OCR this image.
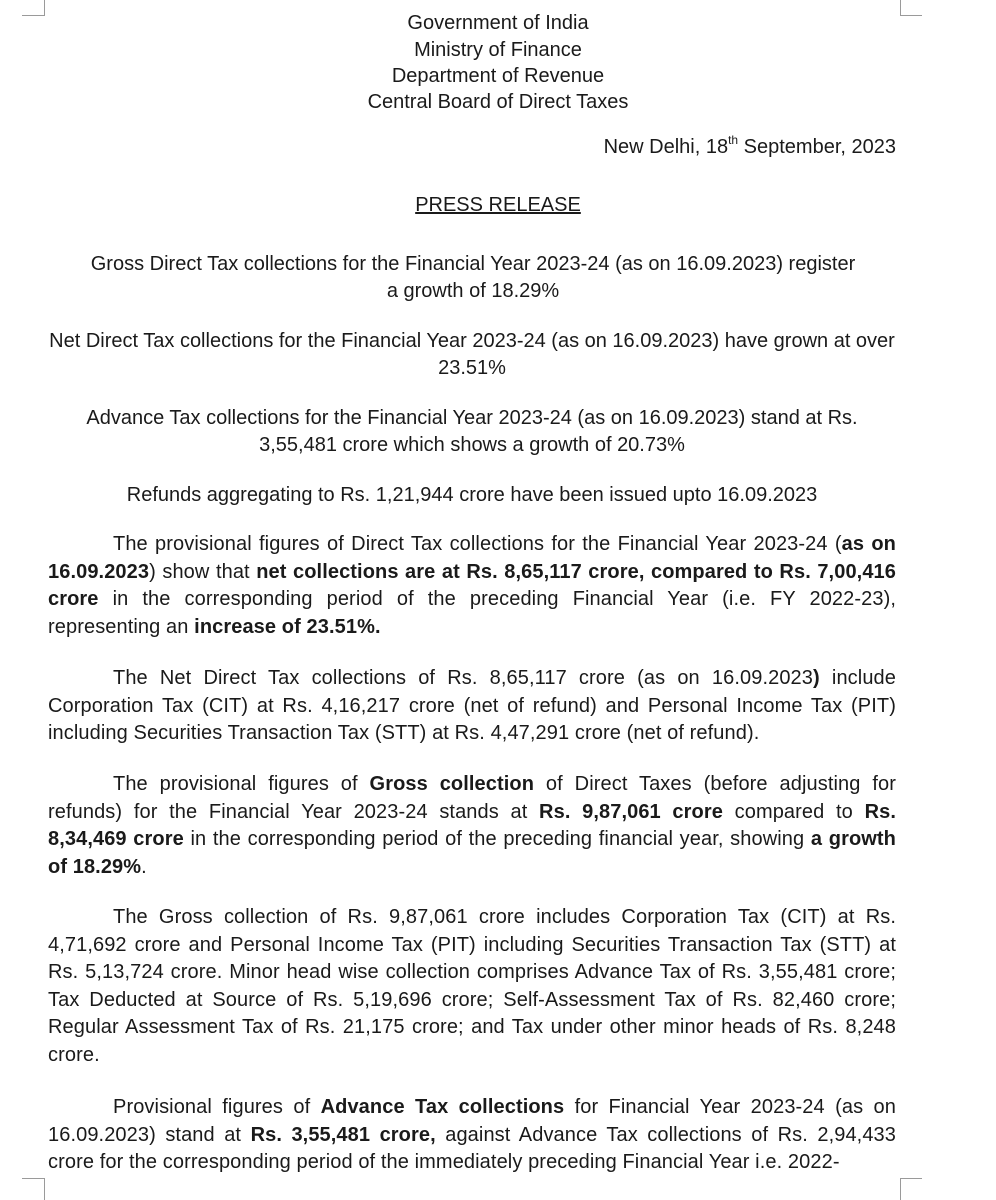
Government of India
Ministry of Finance
Department of Revenue
Central Board of Direct Taxes
New Delhi, 18th September, 2023
PRESS RELEASE
Gross Direct Tax collections for the Financial Year 2023-24 (as on 16.09.2023) register a growth of 18.29%
Net Direct Tax collections for the Financial Year 2023-24 (as on 16.09.2023) have grown at over 23.51%
Advance Tax collections for the Financial Year 2023-24 (as on 16.09.2023) stand at Rs. 3,55,481 crore which shows a growth of 20.73%
Refunds aggregating to Rs. 1,21,944 crore have been issued upto 16.09.2023

The provisional figures of Direct Tax collections for the Financial Year 2023-24 (as on 16.09.2023) show that net collections are at Rs. 8,65,117 crore, compared to Rs. 7,00,416 crore in the corresponding period of the preceding Financial Year (i.e. FY 2022-23), representing an increase of 23.51%.

The Net Direct Tax collections of Rs. 8,65,117 crore (as on 16.09.2023) include Corporation Tax (CIT) at Rs. 4,16,217 crore (net of refund) and Personal Income Tax (PIT) including Securities Transaction Tax (STT) at Rs. 4,47,291 crore (net of refund).

The provisional figures of Gross collection of Direct Taxes (before adjusting for refunds) for the Financial Year 2023-24 stands at Rs. 9,87,061 crore compared to Rs. 8,34,469 crore in the corresponding period of the preceding financial year, showing a growth of 18.29%.

The Gross collection of Rs. 9,87,061 crore includes Corporation Tax (CIT) at Rs. 4,71,692 crore and Personal Income Tax (PIT) including Securities Transaction Tax (STT) at Rs. 5,13,724 crore. Minor head wise collection comprises Advance Tax of Rs. 3,55,481 crore; Tax Deducted at Source of Rs. 5,19,696 crore; Self-Assessment Tax of Rs. 82,460 crore; Regular Assessment Tax of Rs. 21,175 crore; and Tax under other minor heads of Rs. 8,248 crore.

Provisional figures of Advance Tax collections for Financial Year 2023-24 (as on 16.09.2023) stand at Rs. 3,55,481 crore, against Advance Tax collections of Rs. 2,94,433 crore for the corresponding period of the immediately preceding Financial Year i.e. 2022-
